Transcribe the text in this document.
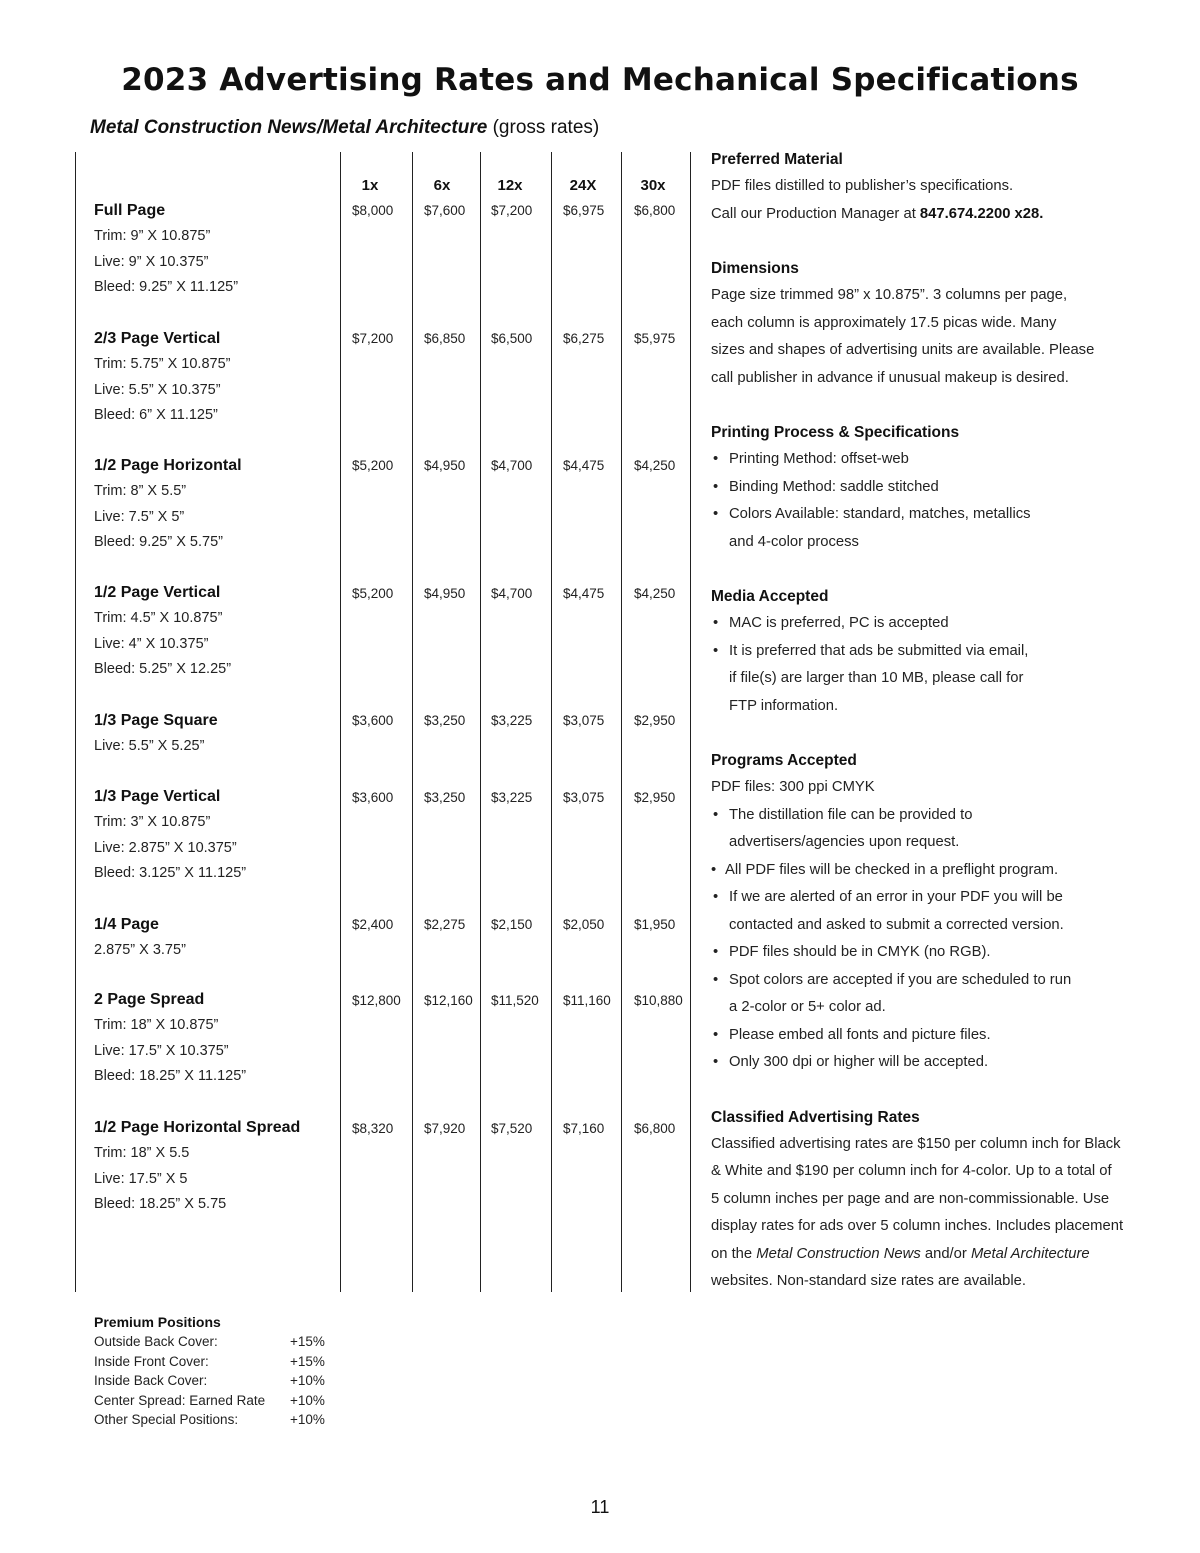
2023 Advertising Rates and Mechanical Specifications
Metal Construction News/Metal Architecture (gross rates)
1x	6x	12x	24X	30x
Full Page
Trim: 9” X 10.875”
Live: 9” X 10.375”
Bleed: 9.25” X 11.125”
$8,000 $7,600 $7,200 $6,975 $6,800
2/3 Page Vertical
Trim: 5.75” X 10.875”
Live: 5.5” X 10.375”
Bleed: 6” X 11.125”
$7,200 $6,850 $6,500 $6,275 $5,975
1/2 Page Horizontal
Trim: 8” X 5.5”
Live: 7.5” X 5”
Bleed: 9.25” X 5.75”
$5,200 $4,950 $4,700 $4,475 $4,250
1/2 Page Vertical
Trim: 4.5” X 10.875”
Live: 4” X 10.375”
Bleed: 5.25” X 12.25”
$5,200 $4,950 $4,700 $4,475 $4,250
1/3 Page Square
Live: 5.5” X 5.25”
$3,600 $3,250 $3,225 $3,075 $2,950
1/3 Page Vertical
Trim: 3” X 10.875”
Live: 2.875” X 10.375”
Bleed: 3.125” X 11.125”
$3,600 $3,250 $3,225 $3,075 $2,950
1/4 Page
2.875” X 3.75”
$2,400 $2,275 $2,150 $2,050 $1,950
2 Page Spread
Trim: 18” X 10.875”
Live: 17.5” X 10.375”
Bleed: 18.25” X 11.125”
$12,800 $12,160 $11,520 $11,160 $10,880
1/2 Page Horizontal Spread
Trim: 18” X 5.5
Live: 17.5” X 5
Bleed: 18.25” X 5.75
$8,320 $7,920 $7,520 $7,160 $6,800
Preferred Material
PDF files distilled to publisher’s specifications.
Call our Production Manager at 847.674.2200 x28.
Dimensions
Page size trimmed 98” x 10.875”. 3 columns per page,
each column is approximately 17.5 picas wide. Many
sizes and shapes of advertising units are available. Please
call publisher in advance if unusual makeup is desired.
Printing Process & Specifications
• Printing Method: offset-web
• Binding Method: saddle stitched
• Colors Available: standard, matches, metallics
and 4-color process
Media Accepted
• MAC is preferred, PC is accepted
• It is preferred that ads be submitted via email,
if file(s) are larger than 10 MB, please call for
FTP information.
Programs Accepted
PDF files: 300 ppi CMYK
• The distillation file can be provided to
advertisers/agencies upon request.
• All PDF files will be checked in a preflight program.
• If we are alerted of an error in your PDF you will be
contacted and asked to submit a corrected version.
• PDF files should be in CMYK (no RGB).
• Spot colors are accepted if you are scheduled to run
a 2-color or 5+ color ad.
• Please embed all fonts and picture files.
• Only 300 dpi or higher will be accepted.
Classified Advertising Rates
Classified advertising rates are $150 per column inch for Black
& White and $190 per column inch for 4-color. Up to a total of
5 column inches per page and are non-commissionable. Use
display rates for ads over 5 column inches. Includes placement
on the Metal Construction News and/or Metal Architecture
websites. Non-standard size rates are available.
Premium Positions
Outside Back Cover:	+15%
Inside Front Cover:	+15%
Inside Back Cover:	+10%
Center Spread: Earned Rate	+10%
Other Special Positions:	+10%
11
